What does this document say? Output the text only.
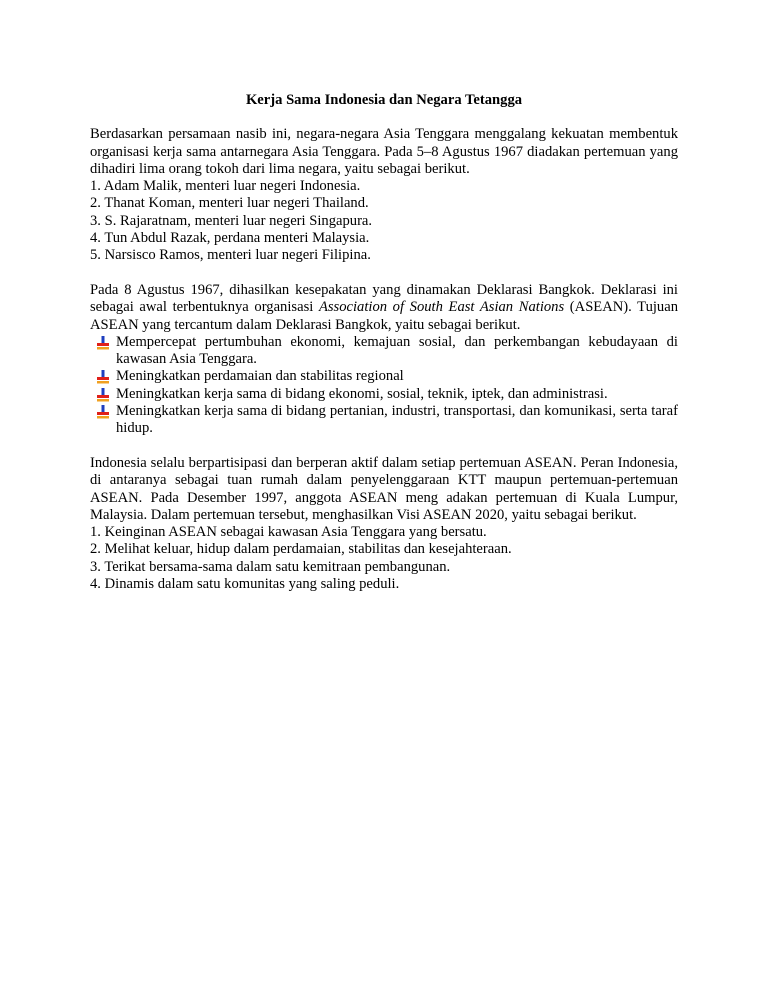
Kerja Sama Indonesia dan Negara Tetangga

Berdasarkan persamaan nasib ini, negara-negara Asia Tenggara menggalang kekuatan membentuk organisasi kerja sama antarnegara Asia Tenggara. Pada 5–8 Agustus 1967 diadakan pertemuan yang dihadiri lima orang tokoh dari lima negara, yaitu sebagai berikut.

1. Adam Malik, menteri luar negeri Indonesia.
2. Thanat Koman, menteri luar negeri Thailand.
3. S. Rajaratnam, menteri luar negeri Singapura.
4. Tun Abdul Razak, perdana menteri Malaysia.
5. Narsisco Ramos, menteri luar negeri Filipina.

Pada 8 Agustus 1967, dihasilkan kesepakatan yang dinamakan Deklarasi Bangkok. Deklarasi ini sebagai awal terbentuknya organisasi Association of South East Asian Nations (ASEAN). Tujuan ASEAN yang tercantum dalam Deklarasi Bangkok, yaitu sebagai berikut.

Mempercepat pertumbuhan ekonomi, kemajuan sosial, dan perkembangan kebudayaan di kawasan Asia Tenggara.
Meningkatkan perdamaian dan stabilitas regional
Meningkatkan kerja sama di bidang ekonomi, sosial, teknik, iptek, dan administrasi.
Meningkatkan kerja sama di bidang pertanian, industri, transportasi, dan komunikasi, serta taraf hidup.

Indonesia selalu berpartisipasi dan berperan aktif dalam setiap pertemuan ASEAN. Peran Indonesia, di antaranya sebagai tuan rumah dalam penyelenggaraan KTT maupun pertemuan-pertemuan ASEAN. Pada Desember 1997, anggota ASEAN meng adakan pertemuan di Kuala Lumpur, Malaysia. Dalam pertemuan tersebut, menghasilkan Visi ASEAN 2020, yaitu sebagai berikut.

1. Keinginan ASEAN sebagai kawasan Asia Tenggara yang bersatu.
2. Melihat keluar, hidup dalam perdamaian, stabilitas dan kesejahteraan.
3. Terikat bersama-sama dalam satu kemitraan pembangunan.
4. Dinamis dalam satu komunitas yang saling peduli.
